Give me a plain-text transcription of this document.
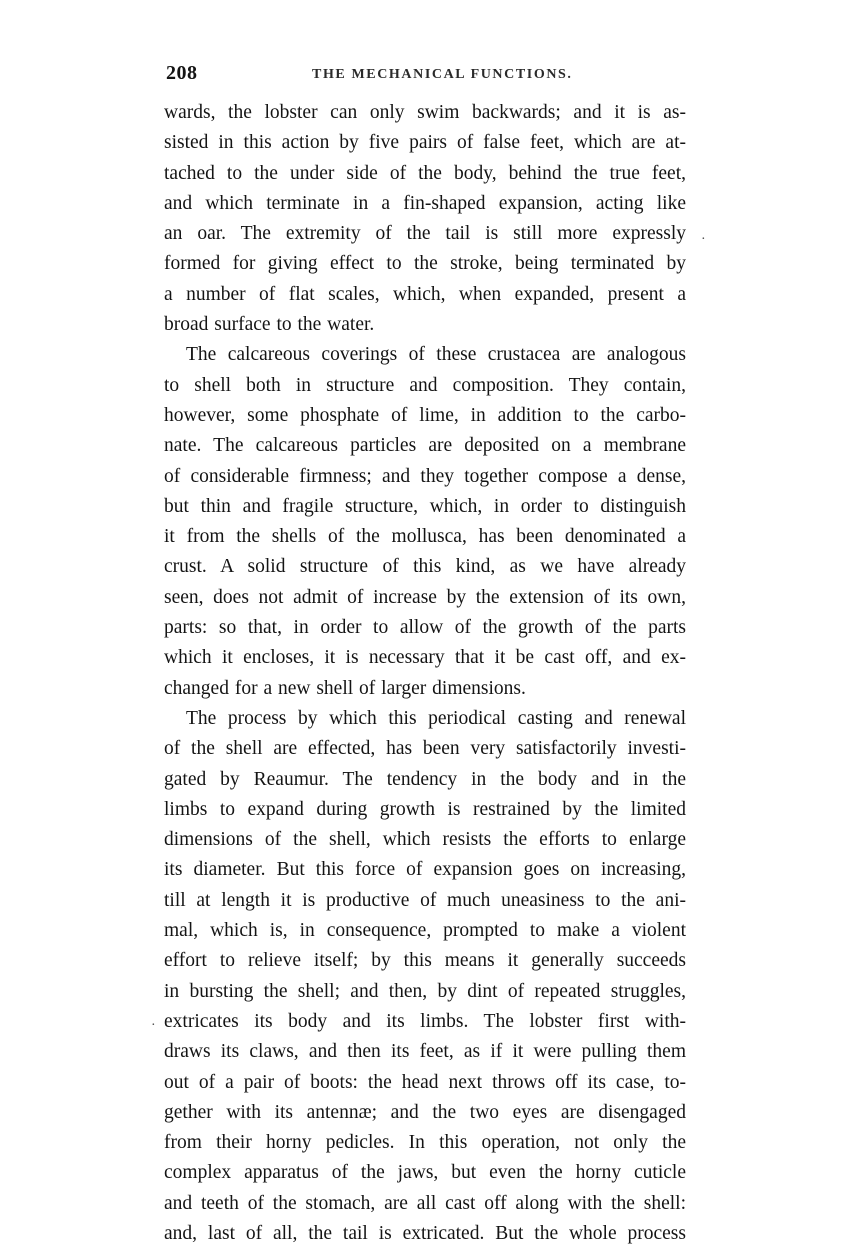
208	THE MECHANICAL FUNCTIONS.
wards, the lobster can only swim backwards; and it is as-
sisted in this action by five pairs of false feet, which are at-
tached to the under side of the body, behind the true feet,
and which terminate in a fin-shaped expansion, acting like
an oar. The extremity of the tail is still more expressly
formed for giving effect to the stroke, being terminated by
a number of flat scales, which, when expanded, present a
broad surface to the water.
The calcareous coverings of these crustacea are analogous
to shell both in structure and composition. They contain,
however, some phosphate of lime, in addition to the carbo-
nate. The calcareous particles are deposited on a membrane
of considerable firmness; and they together compose a dense,
but thin and fragile structure, which, in order to distinguish
it from the shells of the mollusca, has been denominated a
crust. A solid structure of this kind, as we have already
seen, does not admit of increase by the extension of its own,
parts: so that, in order to allow of the growth of the parts
which it encloses, it is necessary that it be cast off, and ex-
changed for a new shell of larger dimensions.
The process by which this periodical casting and renewal
of the shell are effected, has been very satisfactorily investi-
gated by Reaumur. The tendency in the body and in the
limbs to expand during growth is restrained by the limited
dimensions of the shell, which resists the efforts to enlarge
its diameter. But this force of expansion goes on increasing,
till at length it is productive of much uneasiness to the ani-
mal, which is, in consequence, prompted to make a violent
effort to relieve itself; by this means it generally succeeds
in bursting the shell; and then, by dint of repeated struggles,
extricates its body and its limbs. The lobster first with-
draws its claws, and then its feet, as if it were pulling them
out of a pair of boots: the head next throws off its case, to-
gether with its antennæ; and the two eyes are disengaged
from their horny pedicles. In this operation, not only the
complex apparatus of the jaws, but even the horny cuticle
and teeth of the stomach, are all cast off along with the shell:
and, last of all, the tail is extricated. But the whole process
·
·
